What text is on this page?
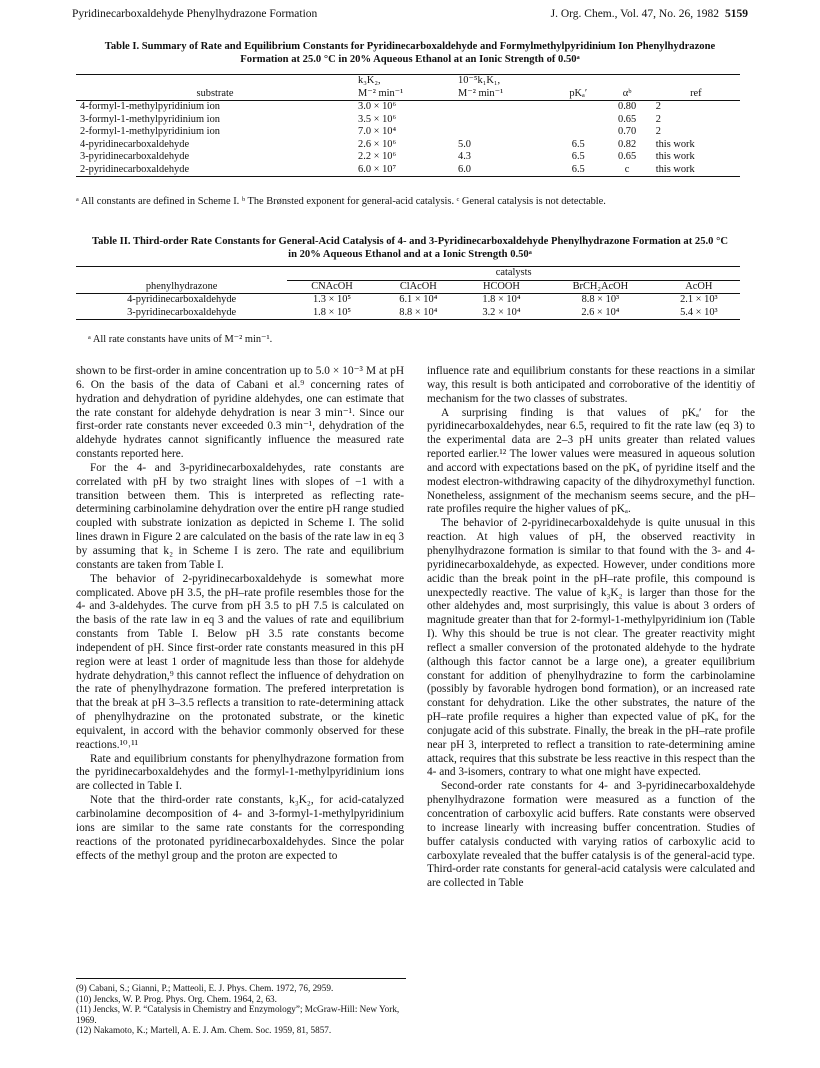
Pyridinecarboxaldehyde Phenylhydrazone Formation	J. Org. Chem., Vol. 47, No. 26, 1982 5159
Table I. Summary of Rate and Equilibrium Constants for Pyridinecarboxaldehyde and Formylmethylpyridinium Ion Phenylhydrazone Formation at 25.0 °C in 20% Aqueous Ethanol at an Ionic Strength of 0.50ᵃ
	k₃K₂,	10⁻⁵k₁K₁,			
substrate	M⁻² min⁻¹	M⁻² min⁻¹	pKₐ′	αᵇ	ref
4-formyl-1-methylpyridinium ion	3.0 × 10⁶			0.80	2
3-formyl-1-methylpyridinium ion	3.5 × 10⁶			0.65	2
2-formyl-1-methylpyridinium ion	7.0 × 10⁴			0.70	2
4-pyridinecarboxaldehyde	2.6 × 10⁶	5.0	6.5	0.82	this work
3-pyridinecarboxaldehyde	2.2 × 10⁶	4.3	6.5	0.65	this work
2-pyridinecarboxaldehyde	6.0 × 10⁷	6.0	6.5	c	this work
ᵃ All constants are defined in Scheme I. ᵇ The Brønsted exponent for general-acid catalysis. ᶜ General catalysis is not detectable.
Table II. Third-order Rate Constants for General-Acid Catalysis of 4- and 3-Pyridinecarboxaldehyde Phenylhydrazone Formation at 25.0 °C in 20% Aqueous Ethanol and at a Ionic Strength 0.50ᵃ
	catalysts				
phenylhydrazone	CNAcOH	ClAcOH	HCOOH	BrCH₂AcOH	AcOH
4-pyridinecarboxaldehyde	1.3 × 10⁵	6.1 × 10⁴	1.8 × 10⁴	8.8 × 10³	2.1 × 10³
3-pyridinecarboxaldehyde	1.8 × 10⁵	8.8 × 10⁴	3.2 × 10⁴	2.6 × 10⁴	5.4 × 10³
ᵃ All rate constants have units of M⁻² min⁻¹.

shown to be first-order in amine concentration up to 5.0 × 10⁻³ M at pH 6. On the basis of the data of Cabani et al.⁹ concerning rates of hydration and dehydration of pyridine aldehydes, one can estimate that the rate constant for aldehyde dehydration is near 3 min⁻¹. Since our first-order rate constants never exceeded 0.3 min⁻¹, dehydration of the aldehyde hydrates cannot significantly influence the measured rate constants reported here.

For the 4- and 3-pyridinecarboxaldehydes, rate constants are correlated with pH by two straight lines with slopes of −1 with a transition between them. This is interpreted as reflecting rate-determining carbinolamine dehydration over the entire pH range studied coupled with substrate ionization as depicted in Scheme I. The solid lines drawn in Figure 2 are calculated on the basis of the rate law in eq 3 by assuming that k₂ in Scheme I is zero. The rate and equilibrium constants are taken from Table I.

The behavior of 2-pyridinecarboxaldehyde is somewhat more complicated. Above pH 3.5, the pH–rate profile resembles those for the 4- and 3-aldehydes. The curve from pH 3.5 to pH 7.5 is calculated on the basis of the rate law in eq 3 and the values of rate and equilibrium constants from Table I. Below pH 3.5 rate constants become independent of pH. Since first-order rate constants measured in this pH region were at least 1 order of magnitude less than those for aldehyde hydrate dehydration,⁹ this cannot reflect the influence of dehydration on the rate of phenylhydrazone formation. The prefered interpretation is that the break at pH 3–3.5 reflects a transition to rate-determining attack of phenylhydrazine on the protonated substrate, or the kinetic equivalent, in accord with the behavior commonly observed for these reactions.¹⁰˒¹¹

Rate and equilibrium constants for phenylhydrazone formation from the pyridinecarboxaldehydes and the formyl-1-methylpyridinium ions are collected in Table I.

Note that the third-order rate constants, k₃K₂, for acid-catalyzed carbinolamine decomposition of 4- and 3-formyl-1-methylpyridinium ions are similar to the same rate constants for the corresponding reactions of the protonated pyridinecarboxaldehydes. Since the polar effects of the methyl group and the proton are expected to

influence rate and equilibrium constants for these reactions in a similar way, this result is both anticipated and corroborative of the identitiy of mechanism for the two classes of substrates.

A surprising finding is that values of pKₐ′ for the pyridinecarboxaldehydes, near 6.5, required to fit the rate law (eq 3) to the experimental data are 2–3 pH units greater than related values reported earlier.¹² The lower values were measured in aqueous solution and accord with expectations based on the pKₐ of pyridine itself and the modest electron-withdrawing capacity of the dihydroxymethyl function. Nonetheless, assignment of the mechanism seems secure, and the pH–rate profiles require the higher values of pKₐ.

The behavior of 2-pyridinecarboxaldehyde is quite unusual in this reaction. At high values of pH, the observed reactivity in phenylhydrazone formation is similar to that found with the 3- and 4-pyridinecarboxaldehyde, as expected. However, under conditions more acidic than the break point in the pH–rate profile, this compound is unexpectedly reactive. The value of k₃K₂ is larger than those for the other aldehydes and, most surprisingly, this value is about 3 orders of magnitude greater than that for 2-formyl-1-methylpyridinium ion (Table I). Why this should be true is not clear. The greater reactivity might reflect a smaller conversion of the protonated aldehyde to the hydrate (although this factor cannot be a large one), a greater equilibrium constant for addition of phenylhydrazine to form the carbinolamine (possibly by favorable hydrogen bond formation), or an increased rate constant for dehydration. Like the other substrates, the nature of the pH–rate profile requires a higher than expected value of pKₐ for the conjugate acid of this substrate. Finally, the break in the pH–rate profile near pH 3, interpreted to reflect a transition to rate-determining amine attack, requires that this substrate be less reactive in this respect than the 4- and 3-isomers, contrary to what one might have expected.

Second-order rate constants for 4- and 3-pyridinecarboxaldehyde phenylhydrazone formation were measured as a function of the concentration of carboxylic acid buffers. Rate constants were observed to increase linearly with increasing buffer concentration. Studies of buffer catalysis conducted with varying ratios of carboxylic acid to carboxylate revealed that the buffer catalysis is of the general-acid type. Third-order rate constants for general-acid catalysis were calculated and are collected in Table

(9) Cabani, S.; Gianni, P.; Matteoli, E. J. Phys. Chem. 1972, 76, 2959.
(10) Jencks, W. P. Prog. Phys. Org. Chem. 1964, 2, 63.
(11) Jencks, W. P. “Catalysis in Chemistry and Enzymology”; McGraw-Hill: New York, 1969.
(12) Nakamoto, K.; Martell, A. E. J. Am. Chem. Soc. 1959, 81, 5857.
